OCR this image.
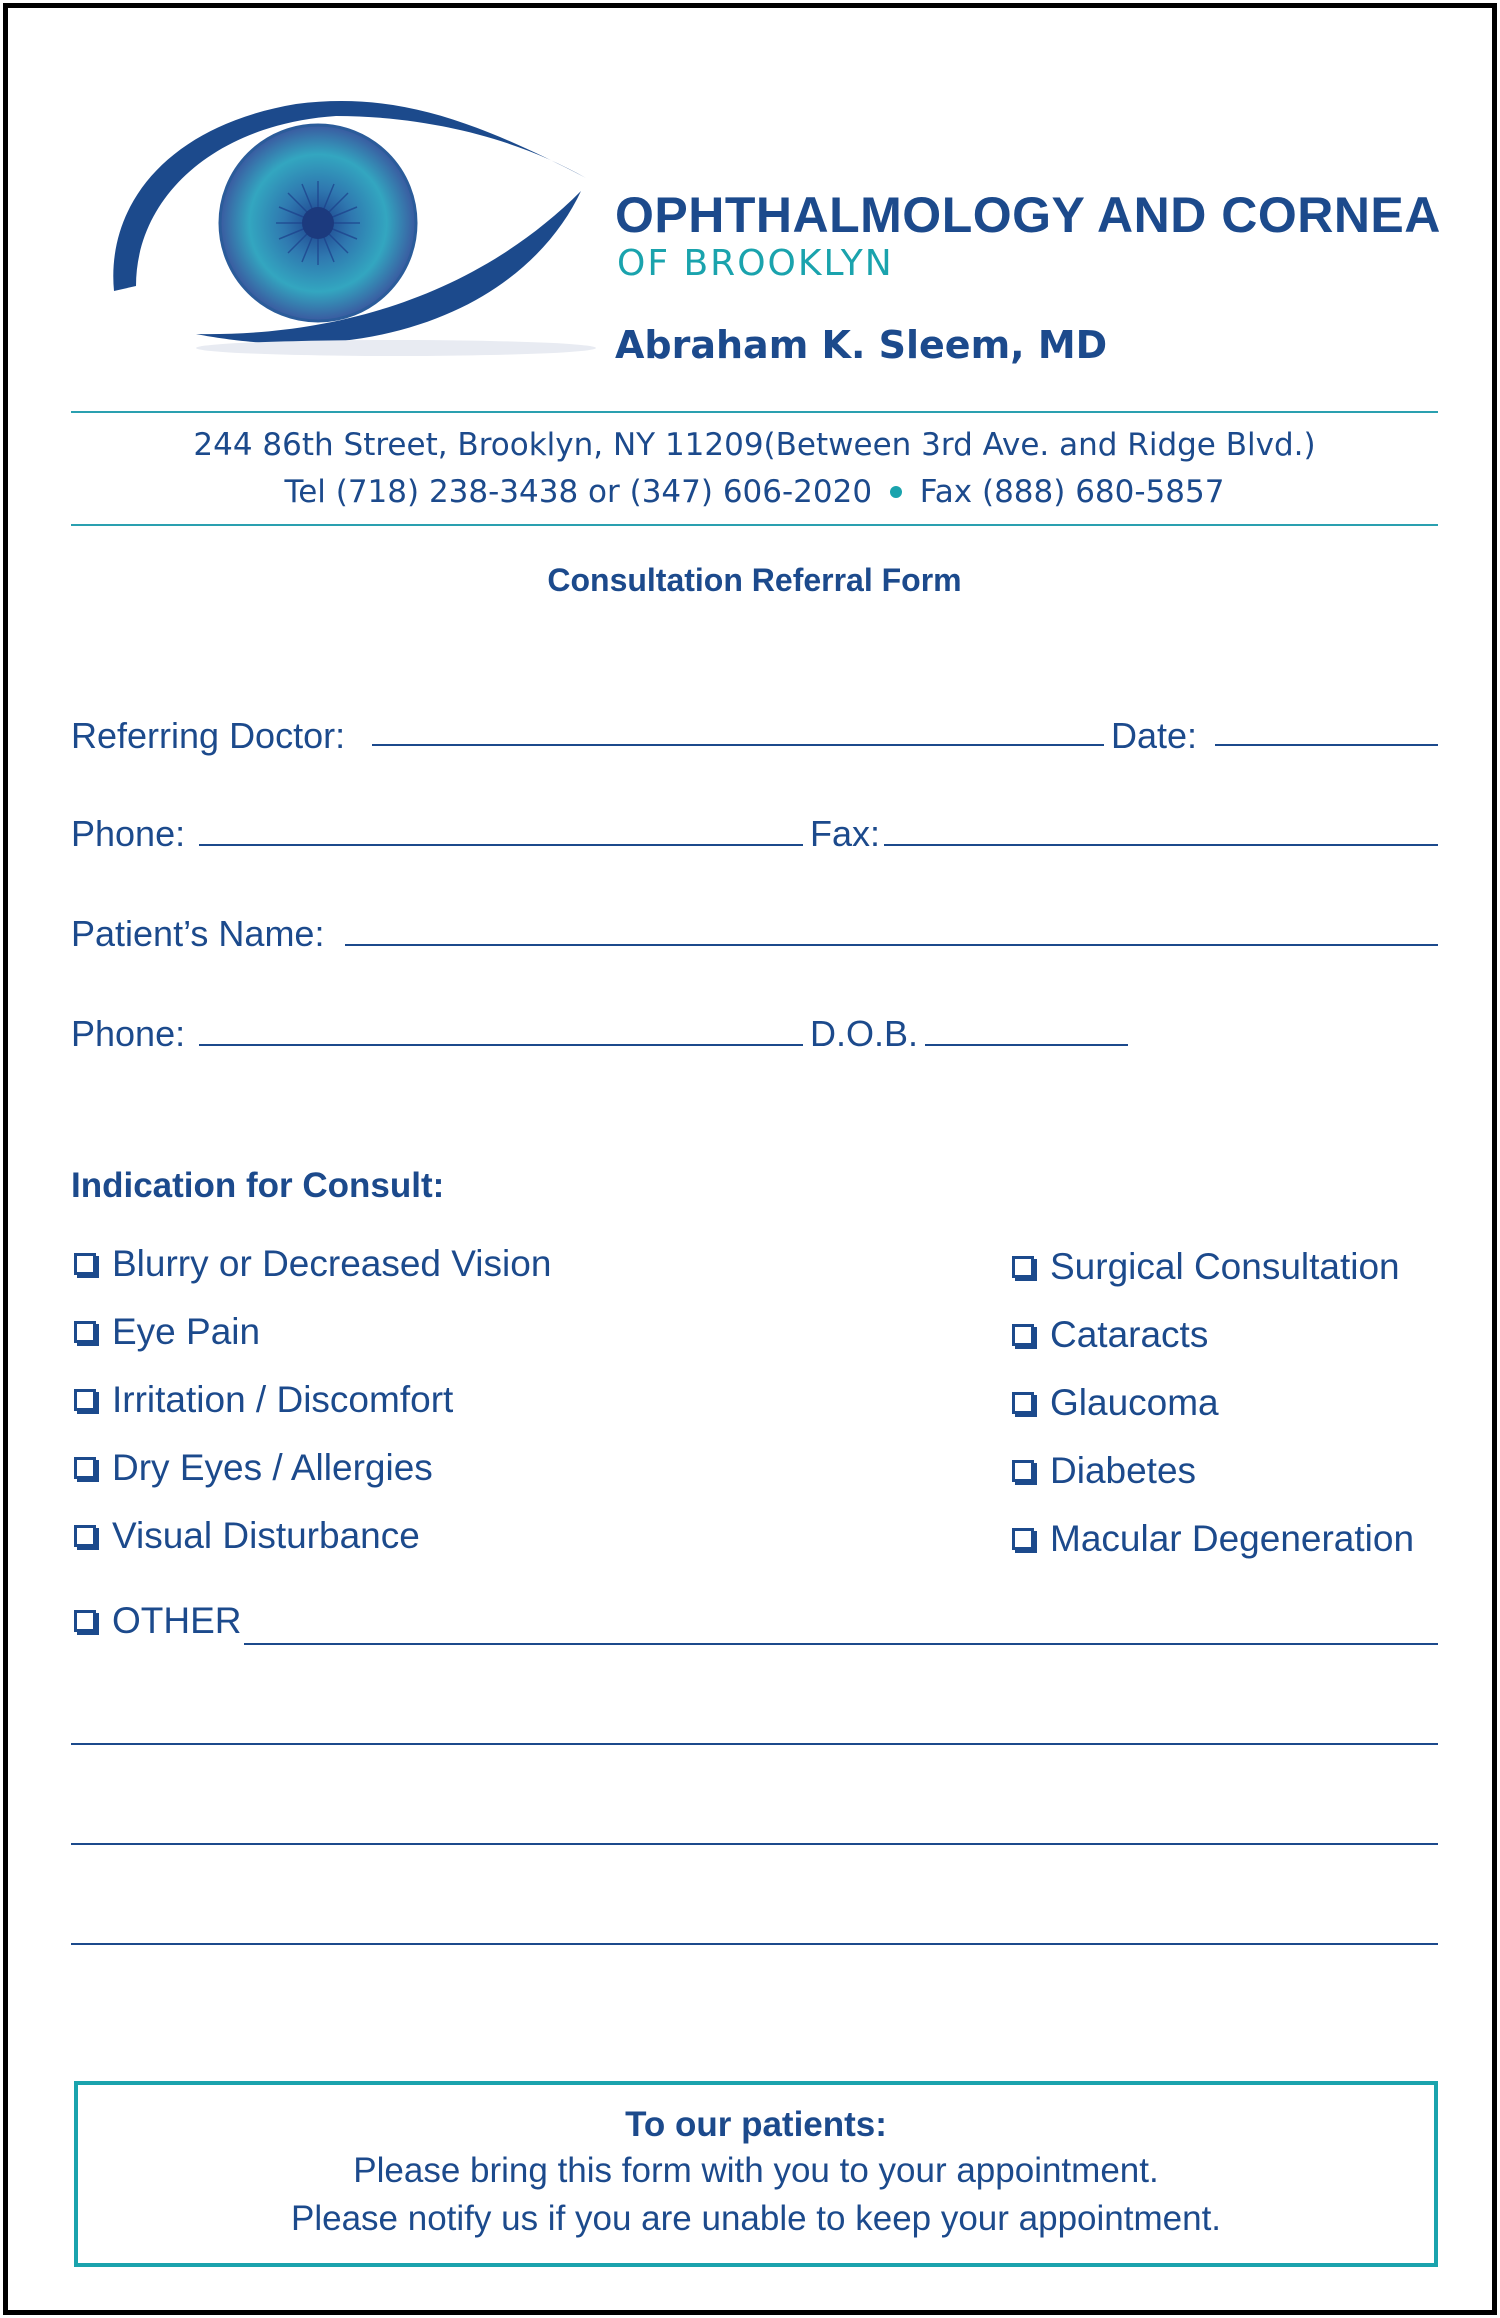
OPHTHALMOLOGY AND CORNEA
OF BROOKLYN
Abraham K. Sleem, MD
244 86th Street, Brooklyn, NY 11209(Between 3rd Ave. and Ridge Blvd.)
Tel (718) 238-3438 or (347) 606-2020 Fax (888) 680-5857
Consultation Referral Form
Referring Doctor:	Date:
Phone:	Fax:
Patient’s Name:
Phone:	D.O.B.
Indication for Consult:
Blurry or Decreased Vision
Eye Pain
Irritation / Discomfort
Dry Eyes / Allergies
Visual Disturbance
Surgical Consultation
Cataracts
Glaucoma
Diabetes
Macular Degeneration
OTHER
To our patients:
Please bring this form with you to your appointment.
Please notify us if you are unable to keep your appointment.
